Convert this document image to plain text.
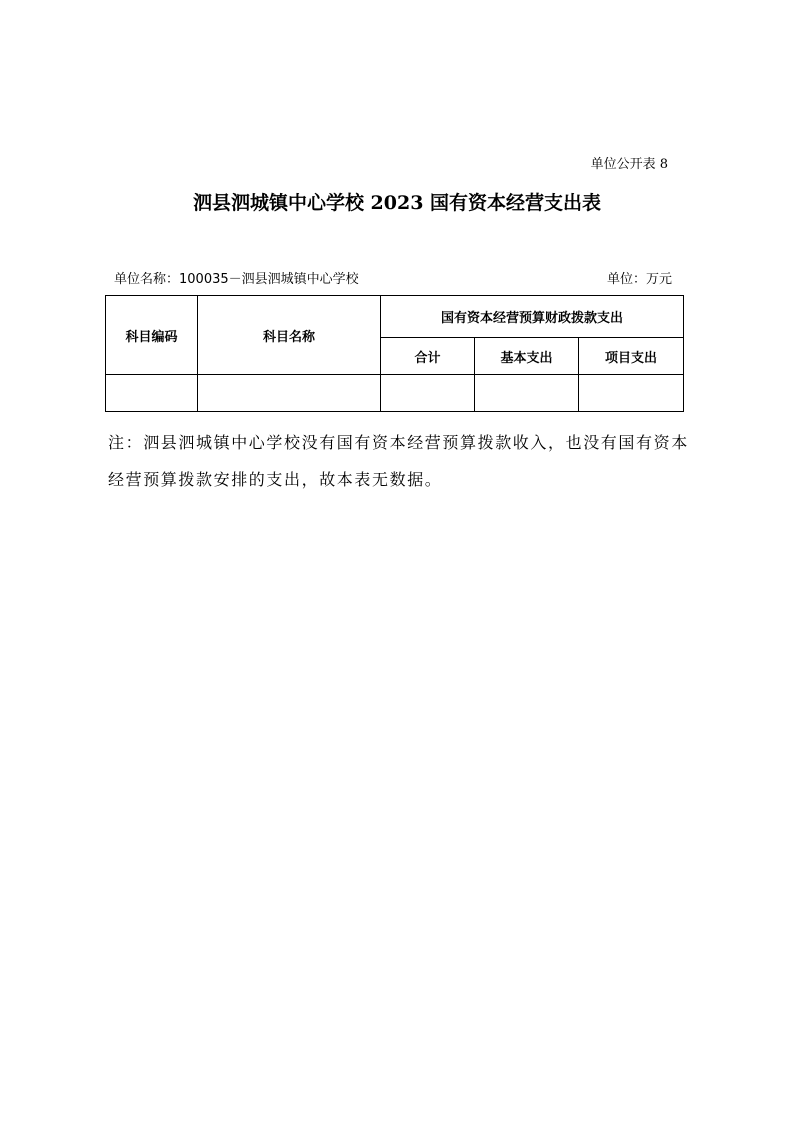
单位公开表 8
泗县泗城镇中心学校 2023 国有资本经营支出表
单位名称：100035－泗县泗城镇中心学校	单位：万元
科目编码	科目名称	国有资本经营预算财政拨款支出		
		合计	基本支出	项目支出

注：泗县泗城镇中心学校没有国有资本经营预算拨款收入，也没有国有资本经营预算拨款安排的支出，故本表无数据。
